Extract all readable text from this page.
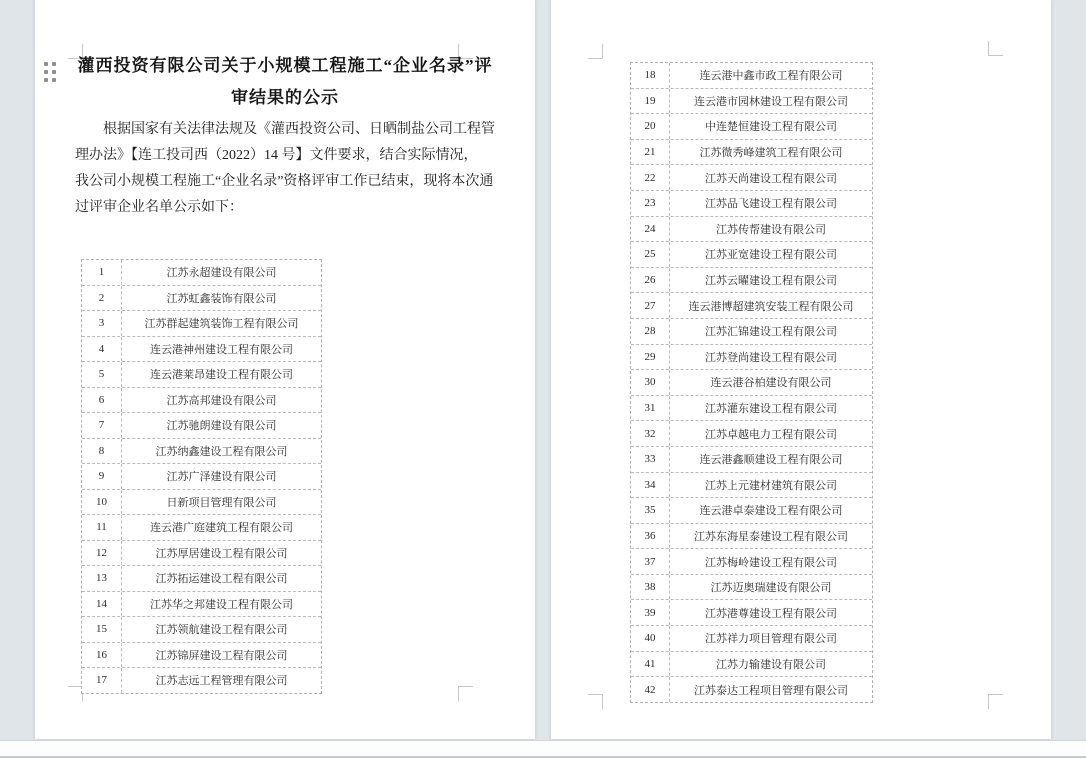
灌西投资有限公司关于小规模工程施工“企业名录”评
审结果的公示
根据国家有关法律法规及《灌西投资公司、日晒制盐公司工程管
理办法》【连工投司西（2022）14 号】文件要求，结合实际情况，
我公司小规模工程施工“企业名录”资格评审工作已结束，现将本次通
过评审企业名单公示如下：
1	江苏永超建设有限公司
2	江苏虹鑫装饰有限公司
3	江苏群起建筑装饰工程有限公司
4	连云港神州建设工程有限公司
5	连云港莱昂建设工程有限公司
6	江苏高邦建设有限公司
7	江苏驰朗建设有限公司
8	江苏纳鑫建设工程有限公司
9	江苏广泽建设有限公司
10	日新项目管理有限公司
11	连云港广庭建筑工程有限公司
12	江苏厚居建设工程有限公司
13	江苏拓运建设工程有限公司
14	江苏华之邦建设工程有限公司
15	江苏领航建设工程有限公司
16	江苏锦屏建设工程有限公司
17	江苏志远工程管理有限公司
18	连云港中鑫市政工程有限公司
19	连云港市园林建设工程有限公司
20	中连楚恒建设工程有限公司
21	江苏微秀峰建筑工程有限公司
22	江苏天尚建设工程有限公司
23	江苏品飞建设工程有限公司
24	江苏传帮建设有限公司
25	江苏亚宽建设工程有限公司
26	江苏云曜建设工程有限公司
27	连云港博超建筑安装工程有限公司
28	江苏汇锦建设工程有限公司
29	江苏登尚建设工程有限公司
30	连云港谷柏建设有限公司
31	江苏灌东建设工程有限公司
32	江苏卓越电力工程有限公司
33	连云港鑫顺建设工程有限公司
34	江苏上元建材建筑有限公司
35	连云港卓泰建设工程有限公司
36	江苏东海星泰建设工程有限公司
37	江苏梅岭建设工程有限公司
38	江苏迈奥瑞建设有限公司
39	江苏港尊建设工程有限公司
40	江苏祥力项目管理有限公司
41	江苏力输建设有限公司
42	江苏泰达工程项目管理有限公司
